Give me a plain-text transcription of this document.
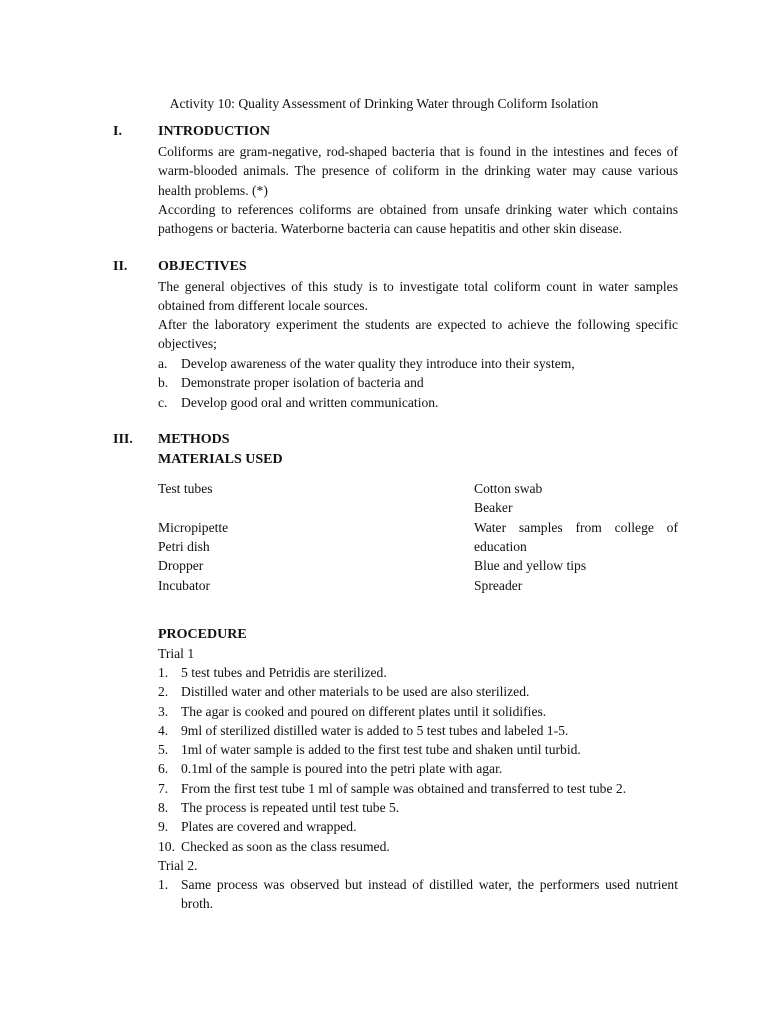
Activity 10: Quality Assessment of Drinking Water through Coliform Isolation
I.	INTRODUCTION
Coliforms are gram-negative, rod-shaped bacteria that is found in the intestines and feces of warm-blooded animals. The presence of coliform in the drinking water may cause various health problems. (*)
According to references coliforms are obtained from unsafe drinking water which contains pathogens or bacteria. Waterborne bacteria can cause hepatitis and other skin disease.
II. OBJECTIVES
The general objectives of this study is to investigate total coliform count in water samples obtained from different locale sources.
After the laboratory experiment the students are expected to achieve the following specific objectives;
a. Develop awareness of the water quality they introduce into their system,
b. Demonstrate proper isolation of bacteria and
c. Develop good oral and written communication.
III. METHODS
MATERIALS USED
Test tubes
Micropipette
Petri dish
Dropper
Incubator
Cotton swab
Beaker
Water samples from college of education
Blue and yellow tips
Spreader
PROCEDURE
Trial 1
1. 5 test tubes and Petridis are sterilized.
2. Distilled water and other materials to be used are also sterilized.
3. The agar is cooked and poured on different plates until it solidifies.
4. 9ml of sterilized distilled water is added to 5 test tubes and labeled 1-5.
5. 1ml of water sample is added to the first test tube and shaken until turbid.
6. 0.1ml of the sample is poured into the petri plate with agar.
7. From the first test tube 1 ml of sample was obtained and transferred to test tube 2.
8. The process is repeated until test tube 5.
9. Plates are covered and wrapped.
10. Checked as soon as the class resumed.
Trial 2.
1. Same process was observed but instead of distilled water, the performers used nutrient broth.
